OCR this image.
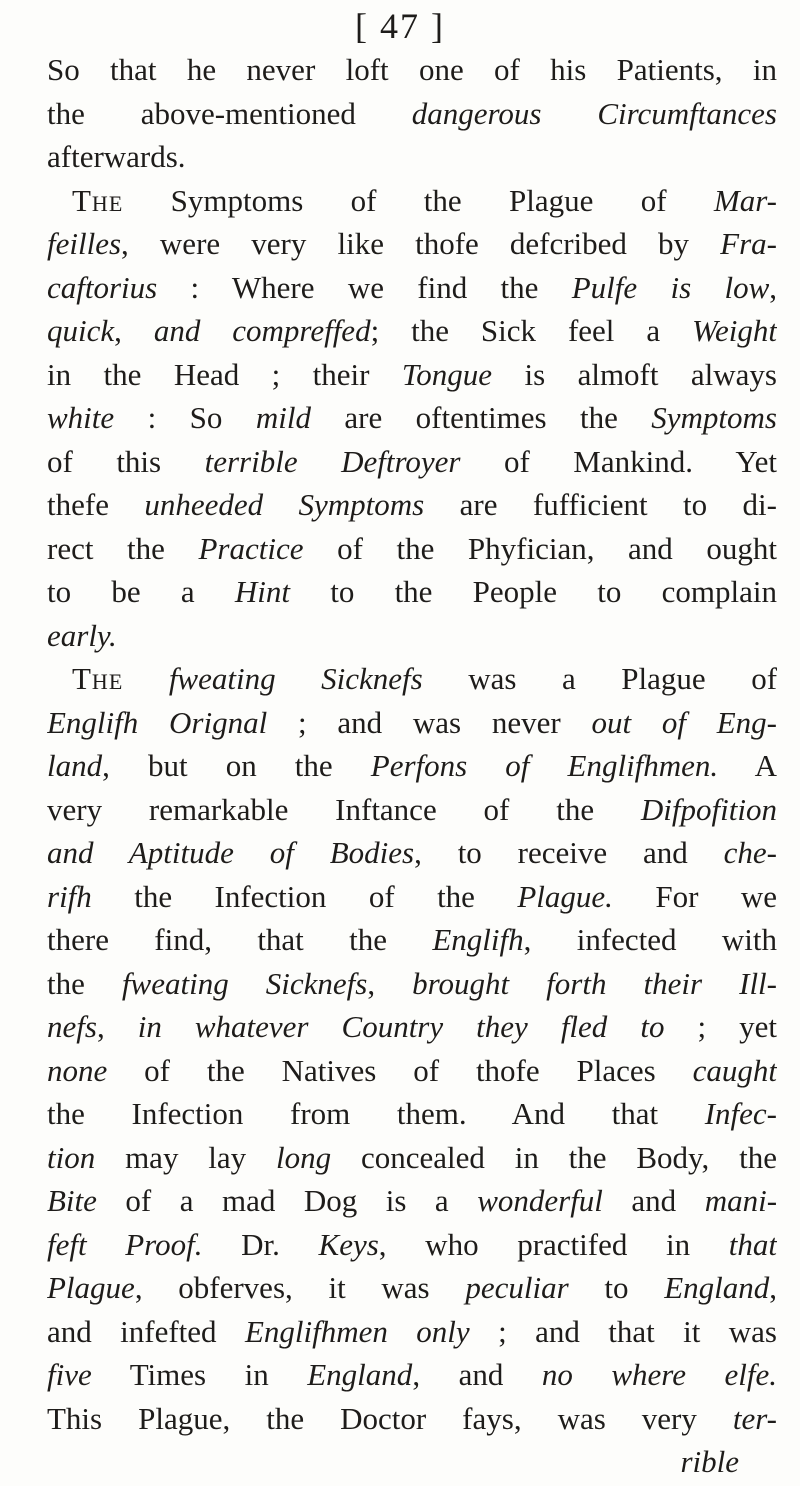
[ 47 ]
So that he never loft one of his Patients, in
the above-mentioned dangerous Circumftances
afterwards.
The Symptoms of the Plague of Mar-
feilles, were very like thofe defcribed by Fra-
caftorius : Where we find the Pulfe is low,
quick, and compreffed; the Sick feel a Weight
in the Head ; their Tongue is almoft always
white : So mild are oftentimes the Symptoms
of this terrible Deftroyer of Mankind. Yet
thefe unheeded Symptoms are fufficient to di-
rect the Practice of the Phyfician, and ought
to be a Hint to the People to complain
early.
The fweating Sicknefs was a Plague of
Englifh Orignal ; and was never out of Eng-
land, but on the Perfons of Englifhmen. A
very remarkable Inftance of the Difpofition
and Aptitude of Bodies, to receive and che-
rifh the Infection of the Plague. For we
there find, that the Englifh, infected with
the fweating Sicknefs, brought forth their Ill-
nefs, in whatever Country they fled to ; yet
none of the Natives of thofe Places caught
the Infection from them. And that Infec-
tion may lay long concealed in the Body, the
Bite of a mad Dog is a wonderful and mani-
feft Proof. Dr. Keys, who practifed in that
Plague, obferves, it was peculiar to England,
and infefted Englifhmen only ; and that it was
five Times in England, and no where elfe.
This Plague, the Doctor fays, was very ter-
rible
